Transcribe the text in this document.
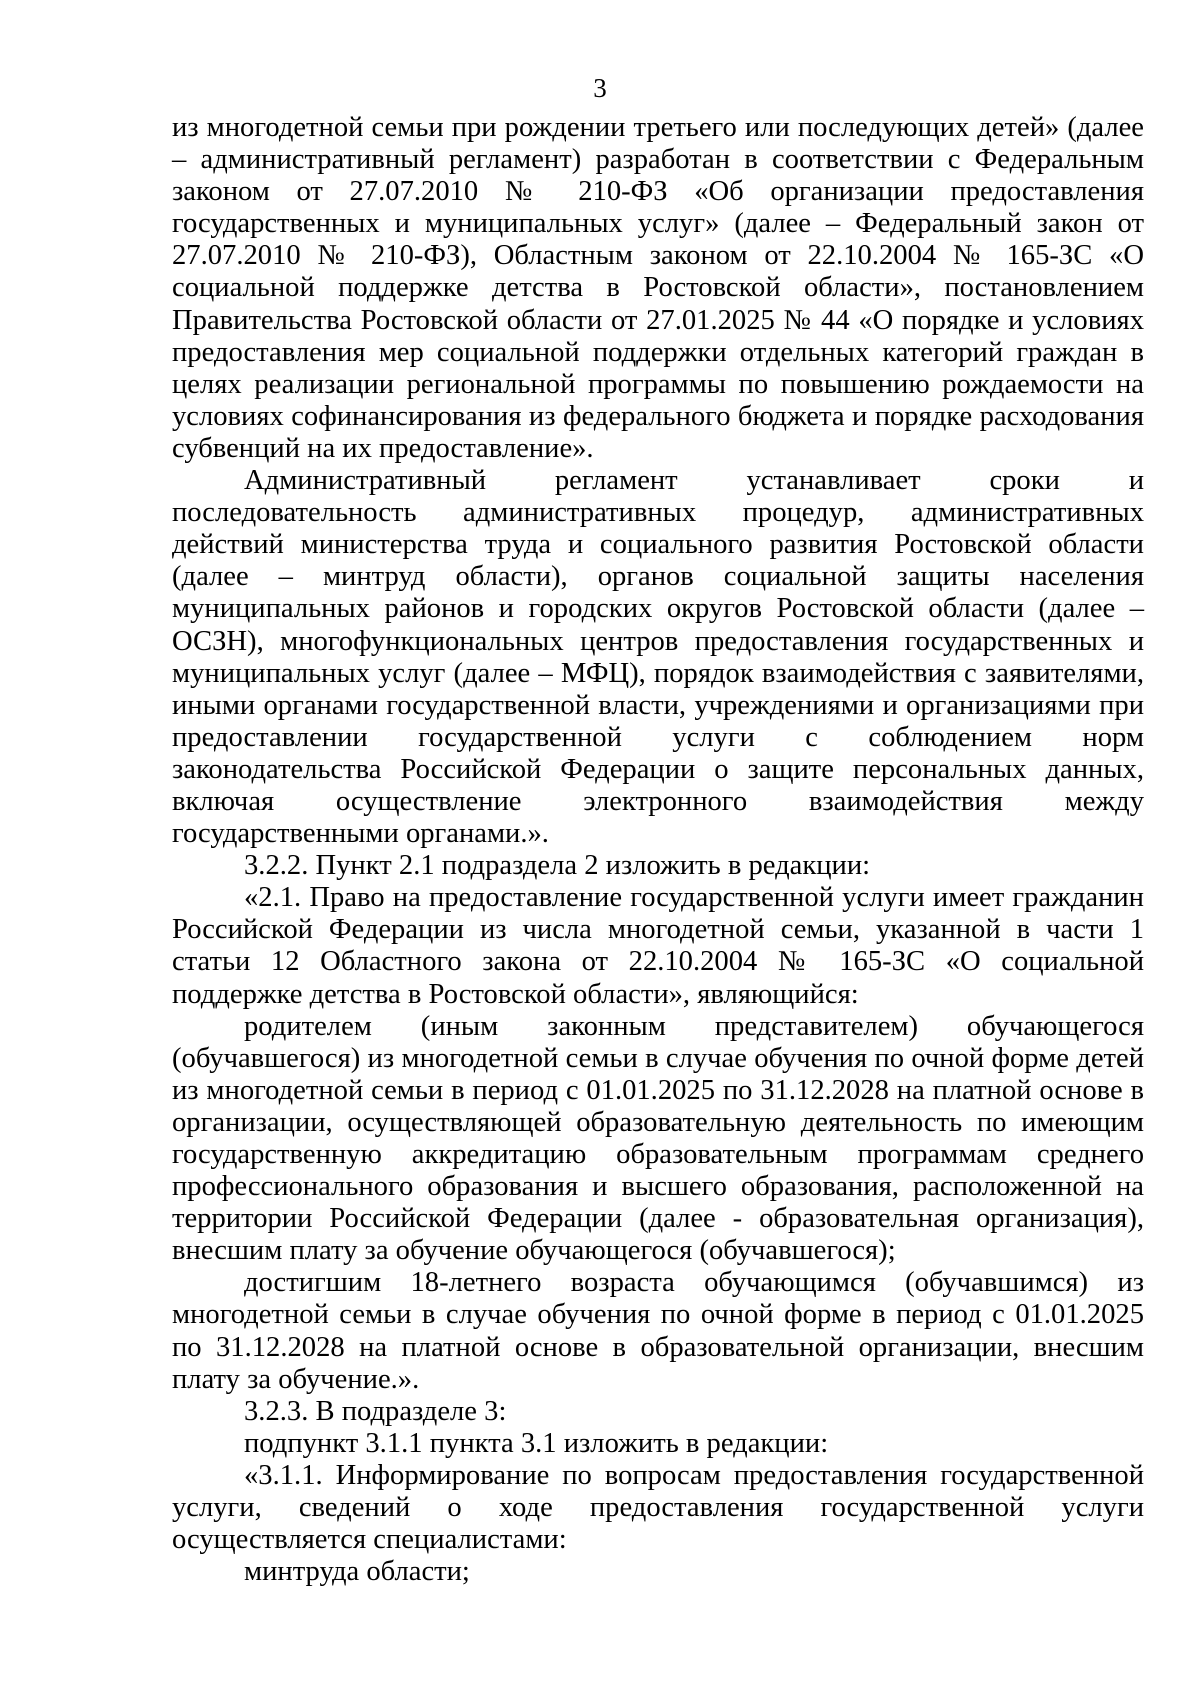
3

из многодетной семьи при рождении третьего или последующих детей» (далее – административный регламент) разработан в соответствии с Федеральным законом от 27.07.2010 № 210-ФЗ «Об организации предоставления государственных и муниципальных услуг» (далее – Федеральный закон от 27.07.2010 № 210-ФЗ), Областным законом от 22.10.2004 № 165-ЗС «О социальной поддержке детства в Ростовской области», постановлением Правительства Ростовской области от 27.01.2025 № 44 «О порядке и условиях предоставления мер социальной поддержки отдельных категорий граждан в целях реализации региональной программы по повышению рождаемости на условиях софинансирования из федерального бюджета и порядке расходования субвенций на их предоставление».

Административный регламент устанавливает сроки и последовательность административных процедур, административных действий министерства труда и социального развития Ростовской области (далее – минтруд области), органов социальной защиты населения муниципальных районов и городских округов Ростовской области (далее – ОСЗН), многофункциональных центров предоставления государственных и муниципальных услуг (далее – МФЦ), порядок взаимодействия с заявителями, иными органами государственной власти, учреждениями и организациями при предоставлении государственной услуги с соблюдением норм законодательства Российской Федерации о защите персональных данных, включая осуществление электронного взаимодействия между государственными органами.».

3.2.2. Пункт 2.1 подраздела 2 изложить в редакции:

«2.1. Право на предоставление государственной услуги имеет гражданин Российской Федерации из числа многодетной семьи, указанной в части 1 статьи 12 Областного закона от 22.10.2004 № 165-ЗС «О социальной поддержке детства в Ростовской области», являющийся:

родителем (иным законным представителем) обучающегося (обучавшегося) из многодетной семьи в случае обучения по очной форме детей из многодетной семьи в период с 01.01.2025 по 31.12.2028 на платной основе в организации, осуществляющей образовательную деятельность по имеющим государственную аккредитацию образовательным программам среднего профессионального образования и высшего образования, расположенной на территории Российской Федерации (далее - образовательная организация), внесшим плату за обучение обучающегося (обучавшегося);

достигшим 18-летнего возраста обучающимся (обучавшимся) из многодетной семьи в случае обучения по очной форме в период с 01.01.2025 по 31.12.2028 на платной основе в образовательной организации, внесшим плату за обучение.».

3.2.3. В подразделе 3:

подпункт 3.1.1 пункта 3.1 изложить в редакции:

«3.1.1. Информирование по вопросам предоставления государственной услуги, сведений о ходе предоставления государственной услуги осуществляется специалистами:

минтруда области;
